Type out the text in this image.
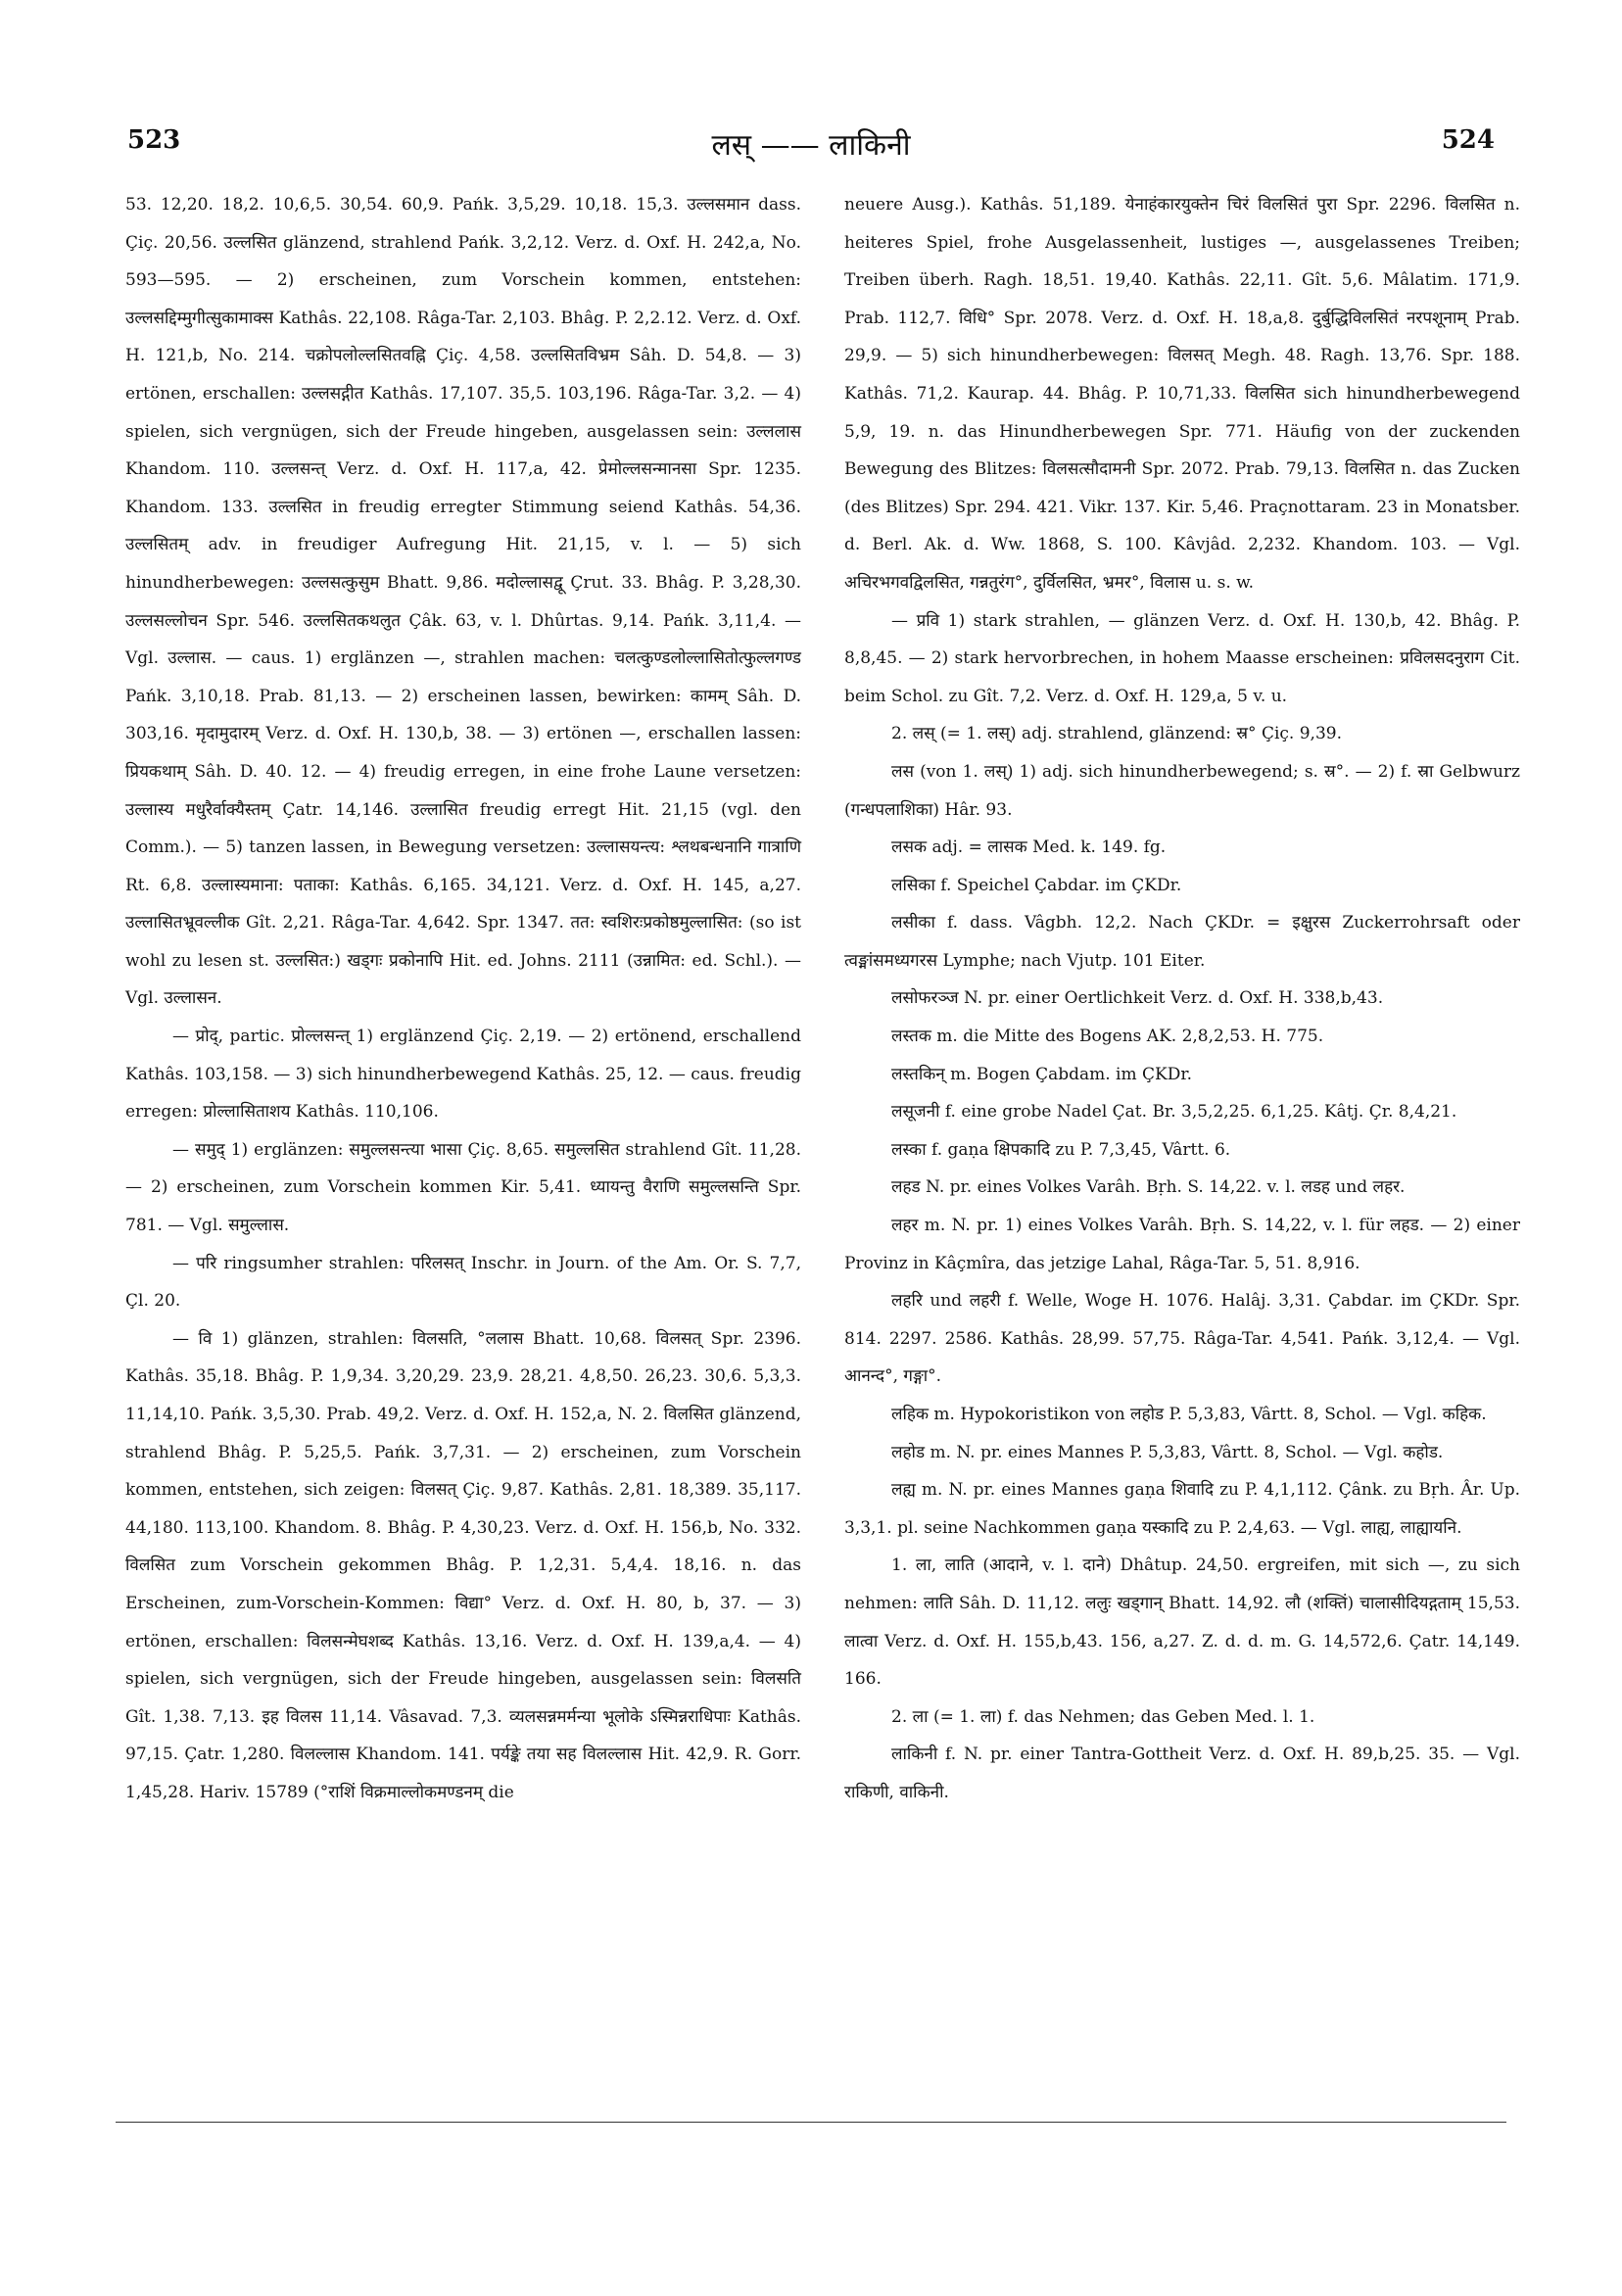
523	लस् —— लाकिनी	524

53. 12,20. 18,2. 10,6,5. 30,54. 60,9. Pańk. 3,5,29. 10,18. 15,3. उल्लसमान dass. Çiç. 20,56. उल्लसित glänzend, strahlend Pańk. 3,2,12. Verz. d. Oxf. H. 242,a, No. 593—595. — 2) erscheinen, zum Vorschein kommen, entstehen: उल्लसद्दिम्मुगीत्सुकामाक्स Kathâs. 22,108. Râga-Tar. 2,103. Bhâg. P. 2,2.12. Verz. d. Oxf. H. 121,b, No. 214. चक्रोपलोल्लसितवह्नि Çiç. 4,58. उल्लसितविभ्रम Sâh. D. 54,8. — 3) ertönen, erschallen: उल्लसद्गीत Kathâs. 17,107. 35,5. 103,196. Râga-Tar. 3,2. — 4) spielen, sich vergnügen, sich der Freude hingeben, ausgelassen sein: उल्ललास Khandom. 110. उल्लसन्त् Verz. d. Oxf. H. 117,a, 42. प्रेमोल्लसन्मानसा Spr. 1235. Khandom. 133. उल्लसित in freudig erregter Stimmung seiend Kathâs. 54,36. उल्लसितम् adv. in freudiger Aufregung Hit. 21,15, v. l. — 5) sich hinundherbewegen: उल्लसत्कुसुम Bhatt. 9,86. मदोल्लासद्वू Çrut. 33. Bhâg. P. 3,28,30. उल्लसल्लोचन Spr. 546. उल्लसितकथलुत Çâk. 63, v. l. Dhûrtas. 9,14. Pańk. 3,11,4. — Vgl. उल्लास. — caus. 1) erglänzen —, strahlen machen: चलत्कुण्डलोल्लासितोत्फुल्लगण्ड Pańk. 3,10,18. Prab. 81,13. — 2) erscheinen lassen, bewirken: कामम् Sâh. D. 303,16. मृदामुदारम् Verz. d. Oxf. H. 130,b, 38. — 3) ertönen —, erschallen lassen: प्रियकथाम् Sâh. D. 40. 12. — 4) freudig erregen, in eine frohe Laune versetzen: उल्लास्य मधुरैर्वाक्यैस्तम् Çatr. 14,146. उल्लासित freudig erregt Hit. 21,15 (vgl. den Comm.). — 5) tanzen lassen, in Bewegung versetzen: उल्लासयन्त्य: श्लथबन्धनानि गात्राणि Rt. 6,8. उल्लास्यमाना: पताका: Kathâs. 6,165. 34,121. Verz. d. Oxf. H. 145, a,27. उल्लासितभ्रूवल्लीक Gît. 2,21. Râga-Tar. 4,642. Spr. 1347. तत: स्वशिरःप्रकोष्ठमुल्लासित: (so ist wohl zu lesen st. उल्लसित:) खड्गः प्रकोनापि Hit. ed. Johns. 2111 (उन्नामित: ed. Schl.). — Vgl. उल्लासन.

— प्रोद्, partic. प्रोल्लसन्त् 1) erglänzend Çiç. 2,19. — 2) ertönend, erschallend Kathâs. 103,158. — 3) sich hinundherbewegend Kathâs. 25, 12. — caus. freudig erregen: प्रोल्लासिताशय Kathâs. 110,106.

— समुद् 1) erglänzen: समुल्लसन्त्या भासा Çiç. 8,65. समुल्लसित strahlend Gît. 11,28. — 2) erscheinen, zum Vorschein kommen Kir. 5,41. ध्यायन्तु वैराणि समुल्लसन्ति Spr. 781. — Vgl. समुल्लास.

— परि ringsumher strahlen: परिलसत् Inschr. in Journ. of the Am. Or. S. 7,7, Çl. 20.

— वि 1) glänzen, strahlen: विलसति, °ललास Bhatt. 10,68. विलसत् Spr. 2396. Kathâs. 35,18. Bhâg. P. 1,9,34. 3,20,29. 23,9. 28,21. 4,8,50. 26,23. 30,6. 5,3,3. 11,14,10. Pańk. 3,5,30. Prab. 49,2. Verz. d. Oxf. H. 152,a, N. 2. विलसित glänzend, strahlend Bhâg. P. 5,25,5. Pańk. 3,7,31. — 2) erscheinen, zum Vorschein kommen, entstehen, sich zeigen: विलसत् Çiç. 9,87. Kathâs. 2,81. 18,389. 35,117. 44,180. 113,100. Khandom. 8. Bhâg. P. 4,30,23. Verz. d. Oxf. H. 156,b, No. 332. विलसित zum Vorschein gekommen Bhâg. P. 1,2,31. 5,4,4. 18,16. n. das Erscheinen, zum-Vorschein-Kommen: विद्या° Verz. d. Oxf. H. 80, b, 37. — 3) ertönen, erschallen: विलसन्मेघशब्द Kathâs. 13,16. Verz. d. Oxf. H. 139,a,4. — 4) spielen, sich vergnügen, sich der Freude hingeben, ausgelassen sein: विलसति Gît. 1,38. 7,13. इह विलस 11,14. Vâsavad. 7,3. व्यलसन्नमर्मन्या भूलोके ऽस्मिन्नराधिपाः Kathâs. 97,15. Çatr. 1,280. विलल्लास Khandom. 141. पर्यङ्के तया सह विलल्लास Hit. 42,9. R. Gorr. 1,45,28. Hariv. 15789 (°राशिं विक्रमाल्लोकमण्डनम् die

neuere Ausg.). Kathâs. 51,189. येनाहंकारयुक्तेन चिरं विलसितं पुरा Spr. 2296. विलसित n. heiteres Spiel, frohe Ausgelassenheit, lustiges —, ausgelassenes Treiben; Treiben überh. Ragh. 18,51. 19,40. Kathâs. 22,11. Gît. 5,6. Mâlatim. 171,9. Prab. 112,7. विधि° Spr. 2078. Verz. d. Oxf. H. 18,a,8. दुर्बुद्धिविलसितं नरपशूनाम् Prab. 29,9. — 5) sich hinundherbewegen: विलसत् Megh. 48. Ragh. 13,76. Spr. 188. Kathâs. 71,2. Kaurap. 44. Bhâg. P. 10,71,33. विलसित sich hinundherbewegend 5,9, 19. n. das Hinundherbewegen Spr. 771. Häufig von der zuckenden Bewegung des Blitzes: विलसत्सौदामनी Spr. 2072. Prab. 79,13. विलसित n. das Zucken (des Blitzes) Spr. 294. 421. Vikr. 137. Kir. 5,46. Praçnottaram. 23 in Monatsber. d. Berl. Ak. d. Ww. 1868, S. 100. Kâvjâd. 2,232. Khandom. 103. — Vgl. अचिरभगवद्विलसित, गन्नतुरंग°, दुर्विलसित, भ्रमर°, विलास u. s. w.

— प्रवि 1) stark strahlen, — glänzen Verz. d. Oxf. H. 130,b, 42. Bhâg. P. 8,8,45. — 2) stark hervorbrechen, in hohem Maasse erscheinen: प्रविलसदनुराग Cit. beim Schol. zu Gît. 7,2. Verz. d. Oxf. H. 129,a, 5 v. u.

2. लस् (= 1. लस्) adj. strahlend, glänzend: स्र° Çiç. 9,39.

लस (von 1. लस्) 1) adj. sich hinundherbewegend; s. स्र°. — 2) f. स्रा Gelbwurz (गन्धपलाशिका) Hâr. 93.

लसक adj. = लासक Med. k. 149. fg.

लसिका f. Speichel Çabdar. im ÇKDr.

लसीका f. dass. Vâgbh. 12,2. Nach ÇKDr. = इक्षुरस Zuckerrohrsaft oder त्वङ्मांसमध्यगरस Lymphe; nach Vjutp. 101 Eiter.

लसोफरञ्ज N. pr. einer Oertlichkeit Verz. d. Oxf. H. 338,b,43.

लस्तक m. die Mitte des Bogens AK. 2,8,2,53. H. 775.

लस्तकिन् m. Bogen Çabdam. im ÇKDr.

लसूजनी f. eine grobe Nadel Çat. Br. 3,5,2,25. 6,1,25. Kâtj. Çr. 8,4,21.

लस्का f. gaṇa क्षिपकादि zu P. 7,3,45, Vârtt. 6.

लहड N. pr. eines Volkes Varâh. Bṛh. S. 14,22. v. l. लडह und लहर.

लहर m. N. pr. 1) eines Volkes Varâh. Bṛh. S. 14,22, v. l. für लहड. — 2) einer Provinz in Kâçmîra, das jetzige Lahal, Râga-Tar. 5, 51. 8,916.

लहरि und लहरी f. Welle, Woge H. 1076. Halâj. 3,31. Çabdar. im ÇKDr. Spr. 814. 2297. 2586. Kathâs. 28,99. 57,75. Râga-Tar. 4,541. Pańk. 3,12,4. — Vgl. आनन्द°, गङ्गा°.

लहिक m. Hypokoristikon von लहोड P. 5,3,83, Vârtt. 8, Schol. — Vgl. कहिक.

लहोड m. N. pr. eines Mannes P. 5,3,83, Vârtt. 8, Schol. — Vgl. कहोड.

लह्य m. N. pr. eines Mannes gaṇa शिवादि zu P. 4,1,112. Çânk. zu Bṛh. Âr. Up. 3,3,1. pl. seine Nachkommen gaṇa यस्कादि zu P. 2,4,63. — Vgl. लाह्य, लाह्यायनि.

1. ला, लाति (आदाने, v. l. दाने) Dhâtup. 24,50. ergreifen, mit sich —, zu sich nehmen: लाति Sâh. D. 11,12. ललुः खड्गान् Bhatt. 14,92. लौ (शक्तिं) चालासीदियद्गताम् 15,53. लात्वा Verz. d. Oxf. H. 155,b,43. 156, a,27. Z. d. d. m. G. 14,572,6. Çatr. 14,149. 166.

2. ला (= 1. ला) f. das Nehmen; das Geben Med. l. 1.

लाकिनी f. N. pr. einer Tantra-Gottheit Verz. d. Oxf. H. 89,b,25. 35. — Vgl. राकिणी, वाकिनी.
